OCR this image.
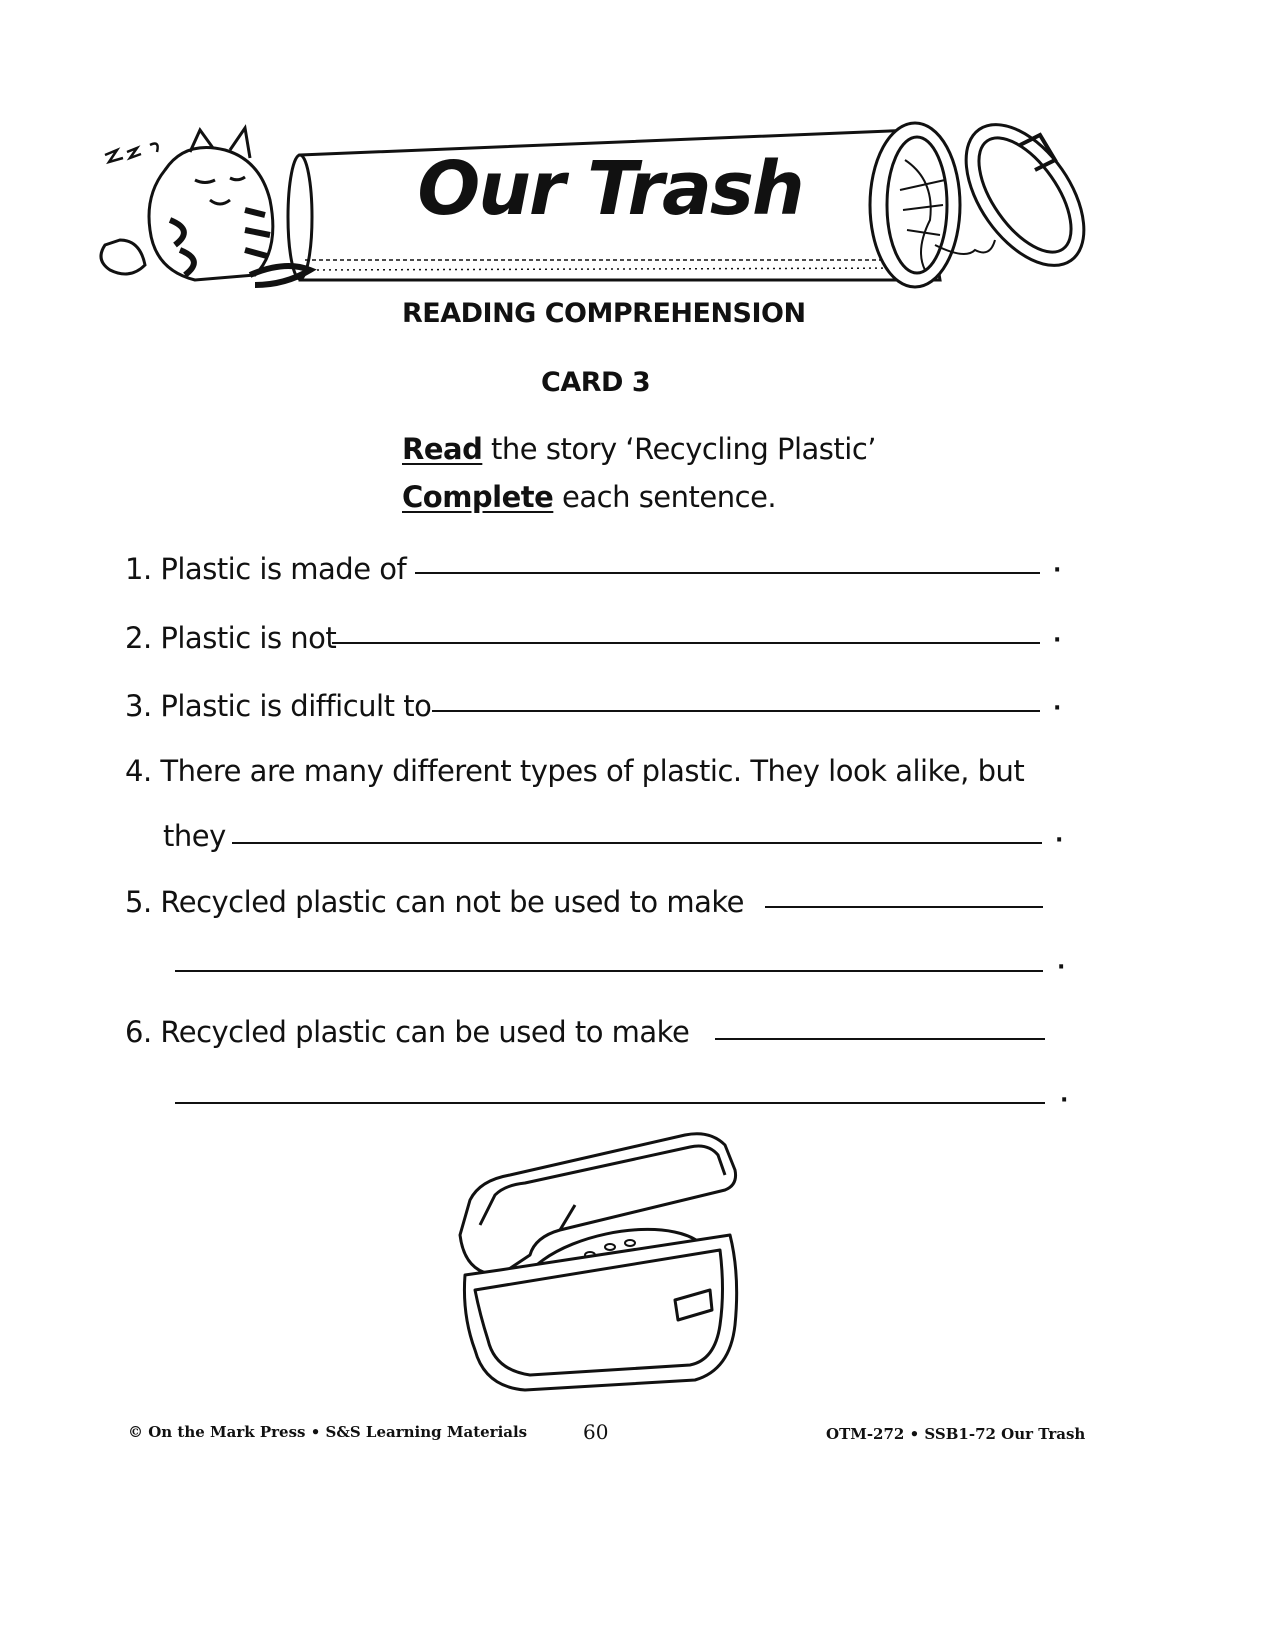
Our Trash
READING COMPREHENSION
CARD 3
Read the story ‘Recycling Plastic’
Complete each sentence.
1. Plastic is made of	·
2. Plastic is not	·
3. Plastic is difficult to	·
4. There are many different types of plastic. They look alike, but
they	·
5. Recycled plastic can not be used to make
·
6. Recycled plastic can be used to make
·
© On the Mark Press • S&S Learning Materials	60	OTM-272 • SSB1-72 Our Trash
